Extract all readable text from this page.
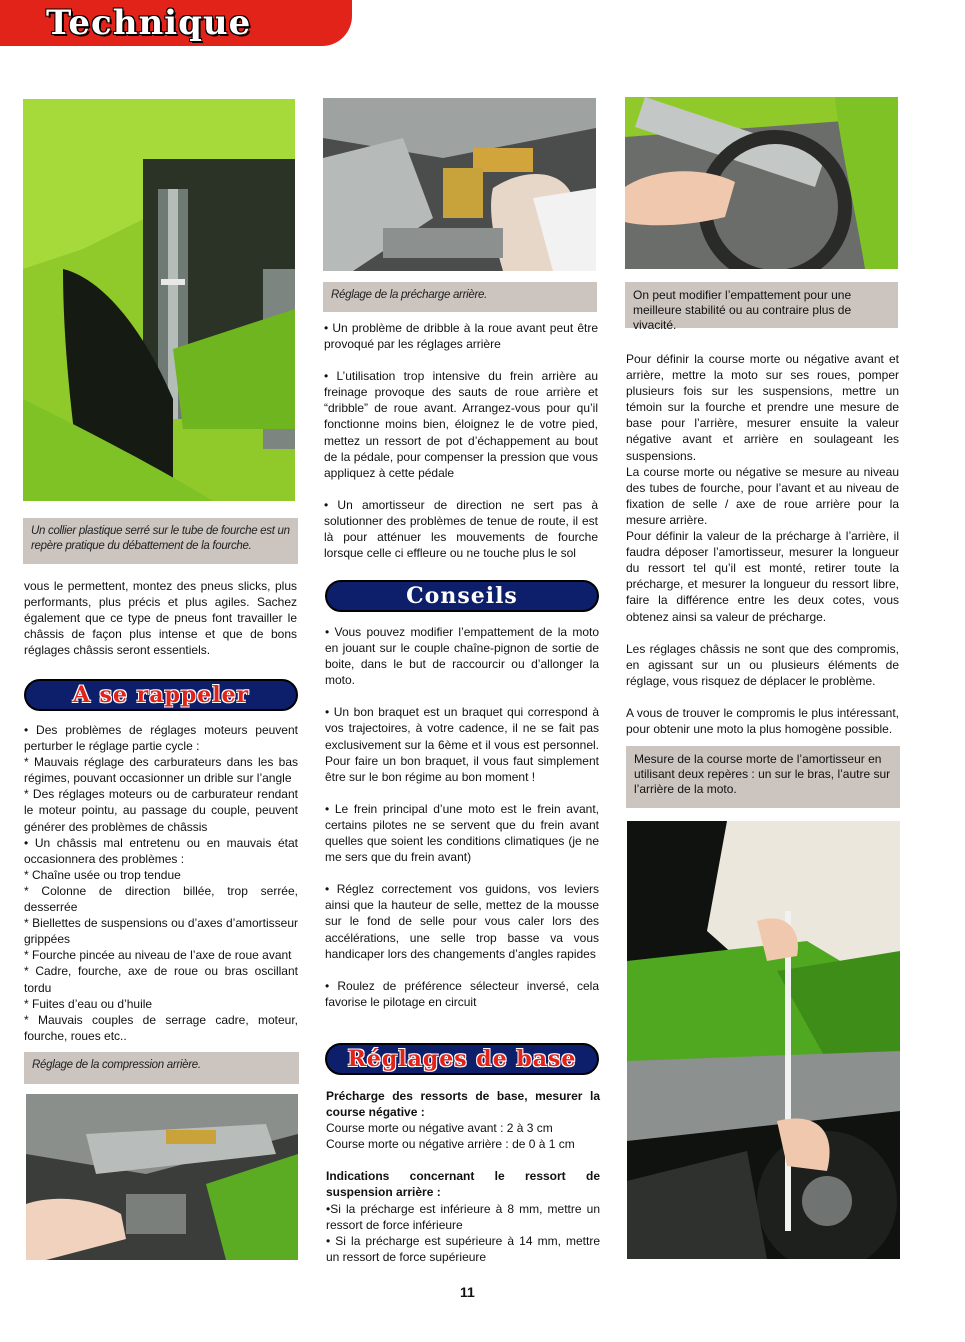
Technique
Un collier plastique serré sur le tube de fourche est un repère pratique du débattement de la fourche.

vous le permettent, montez des pneus slicks, plus performants, plus précis et plus agiles. Sachez également que ce type de pneus font travailler le châssis de façon plus intense et que de bons réglages châssis seront essentiels.

A se rappeler

• Des problèmes de réglages moteurs peuvent perturber le réglage partie cycle :
* Mauvais réglage des carburateurs dans les bas régimes, pouvant occasionner un drible sur l’angle
* Des réglages moteurs ou de carburateur rendant le moteur pointu, au passage du couple, peuvent générer des problèmes de châssis
• Un châssis mal entretenu ou en mauvais état occasionnera des problèmes :
* Chaîne usée ou trop tendue
* Colonne de direction billée, trop serrée, desserrée
* Biellettes de suspensions ou d’axes d’amortisseur grippées
* Fourche pincée au niveau de l’axe de roue avant
* Cadre, fourche, axe de roue ou bras oscillant tordu
* Fuites d’eau ou d’huile
* Mauvais couples de serrage cadre, moteur, fourche, roues etc..

Réglage de la compression arrière.
Réglage de la précharge arrière.

• Un problème de dribble à la roue avant peut être provoqué par les réglages arrière

• L’utilisation trop intensive du frein arrière au freinage provoque des sauts de roue arrière et “dribble” de roue avant. Arrangez-vous pour qu’il fonctionne moins bien, éloignez le de votre pied, mettez un ressort de pot d’échappement au bout de la pédale, pour compenser la pression que vous appliquez à cette pédale

• Un amortisseur de direction ne sert pas à solutionner des problèmes de tenue de route, il est là pour atténuer les mouvements de fourche lorsque celle ci effleure ou ne touche plus le sol

Conseils

• Vous pouvez modifier l’empattement de la moto en jouant sur le couple chaîne-pignon de sortie de boite, dans le but de raccourcir ou d’allonger la moto.

• Un bon braquet est un braquet qui correspond à vos trajectoires, à votre cadence, il ne se fait pas exclusivement sur la 6ème et il vous est personnel. Pour faire un bon braquet, il vous faut simplement être sur le bon régime au bon moment !

• Le frein principal d’une moto est le frein avant, certains pilotes ne se servent que du frein avant quelles que soient les conditions climatiques (je ne me sers que du frein avant)

• Réglez correctement vos guidons, vos leviers ainsi que la hauteur de selle, mettez de la mousse sur le fond de selle pour vous caler lors des accélérations, une selle trop basse va vous handicaper lors des changements d’angles rapides

• Roulez de préférence sélecteur inversé, cela favorise le pilotage en circuit

Réglages de base

Précharge des ressorts de base, mesurer la course négative :

Course morte ou négative avant : 2 à 3 cm

Course morte ou négative arrière : de 0 à 1 cm

Indications concernant le ressort de suspension arrière :

•Si la précharge est inférieure à 8 mm, mettre un ressort de force inférieure

• Si la précharge est supérieure à 14 mm, mettre un ressort de force supérieure

On peut modifier l’empattement pour une meilleure stabilité ou au contraire plus de vivacité.

Pour définir la course morte ou négative avant et arrière, mettre la moto sur ses roues, pomper plusieurs fois sur les suspensions, mettre un témoin sur la fourche et prendre une mesure de base pour l’arrière, mesurer ensuite la valeur négative avant et arrière en soulageant les suspensions.
La course morte ou négative se mesure au niveau des tubes de fourche, pour l’avant et au niveau de fixation de selle / axe de roue arrière pour la mesure arrière.
Pour définir la valeur de la précharge à l’arrière, il faudra déposer l’amortisseur, mesurer la longueur du ressort tel qu’il est monté, retirer toute la précharge, et mesurer la longueur du ressort libre, faire la différence entre les deux cotes, vous obtenez ainsi sa valeur de précharge.

Les réglages châssis ne sont que des compromis, en agissant sur un ou plusieurs éléments de réglage, vous risquez de déplacer le problème.

A vous de trouver le compromis le plus intéressant, pour obtenir une moto la plus homogène possible.

Mesure de la course morte de l’amortisseur en utilisant deux repères : un sur le bras, l’autre sur l’arrière de la moto.
11
